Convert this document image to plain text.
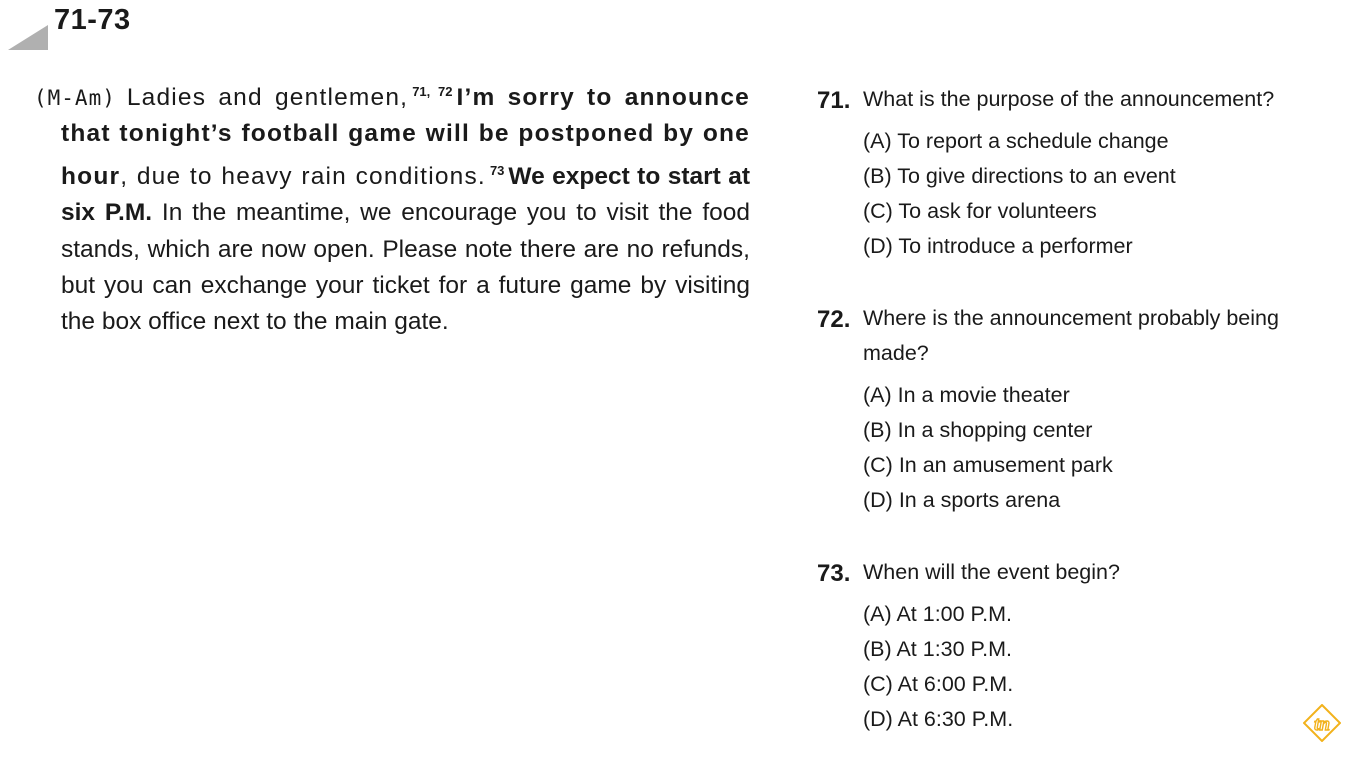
71-73
(M-Am) Ladies and gentlemen, $^{71, 72}$ I’m sorry to announce that tonight’s football game will be postponed by one hour, due to heavy rain conditions. $^{73}$ We expect to start at six P.M. In the meantime, we encourage you to visit the food stands, which are now open. Please note there are no refunds, but you can exchange your ticket for a future game by visiting the box office next to the main gate.
71. What is the purpose of the announcement?
(A) To report a schedule change
(B) To give directions to an event
(C) To ask for volunteers
(D) To introduce a performer
72. Where is the announcement probably being made?
(A) In a movie theater
(B) In a shopping center
(C) In an amusement park
(D) In a sports arena
73. When will the event begin?
(A) At 1:00 P.M.
(B) At 1:30 P.M.
(C) At 6:00 P.M.
(D) At 6:30 P.M.	tn
